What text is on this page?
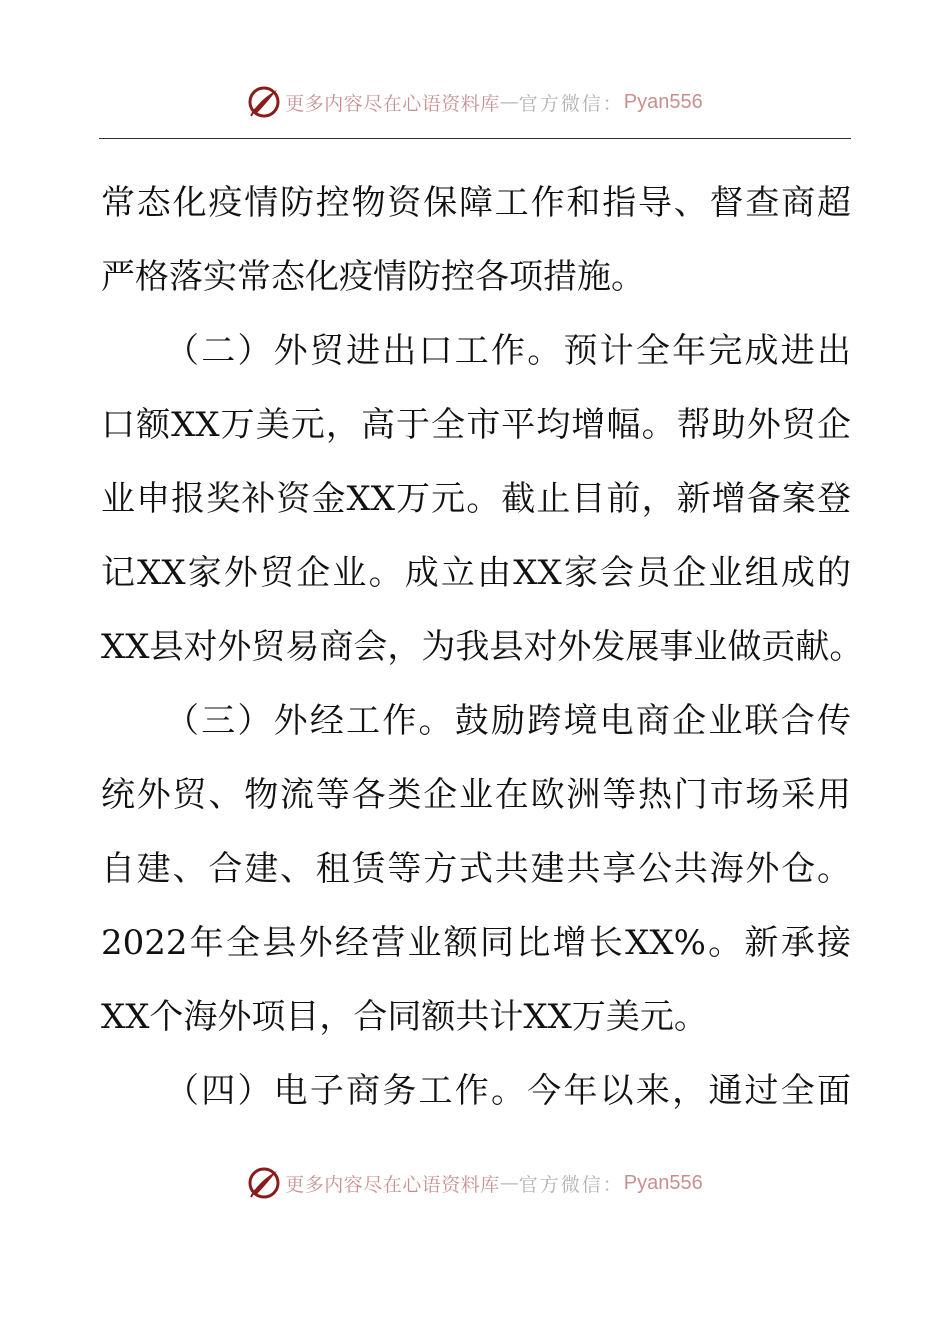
更多内容尽在心语资料库 — 官方微信： Pyan556
常态化疫情防控物资保障工作和指导、督查商超
严格落实常态化疫情防控各项措施。
（二）外贸进出口工作。预计全年完成进出
口额XX万美元，高于全市平均增幅。帮助外贸企
业申报奖补资金XX万元。截止目前，新增备案登
记XX家外贸企业。成立由XX家会员企业组成的
XX县对外贸易商会，为我县对外发展事业做贡献。
（三）外经工作。鼓励跨境电商企业联合传
统外贸、物流等各类企业在欧洲等热门市场采用
自建、合建、租赁等方式共建共享公共海外仓。
2022年全县外经营业额同比增长XX%。新承接
XX个海外项目，合同额共计XX万美元。
（四）电子商务工作。今年以来，通过全面
更多内容尽在心语资料库 — 官方微信： Pyan556
